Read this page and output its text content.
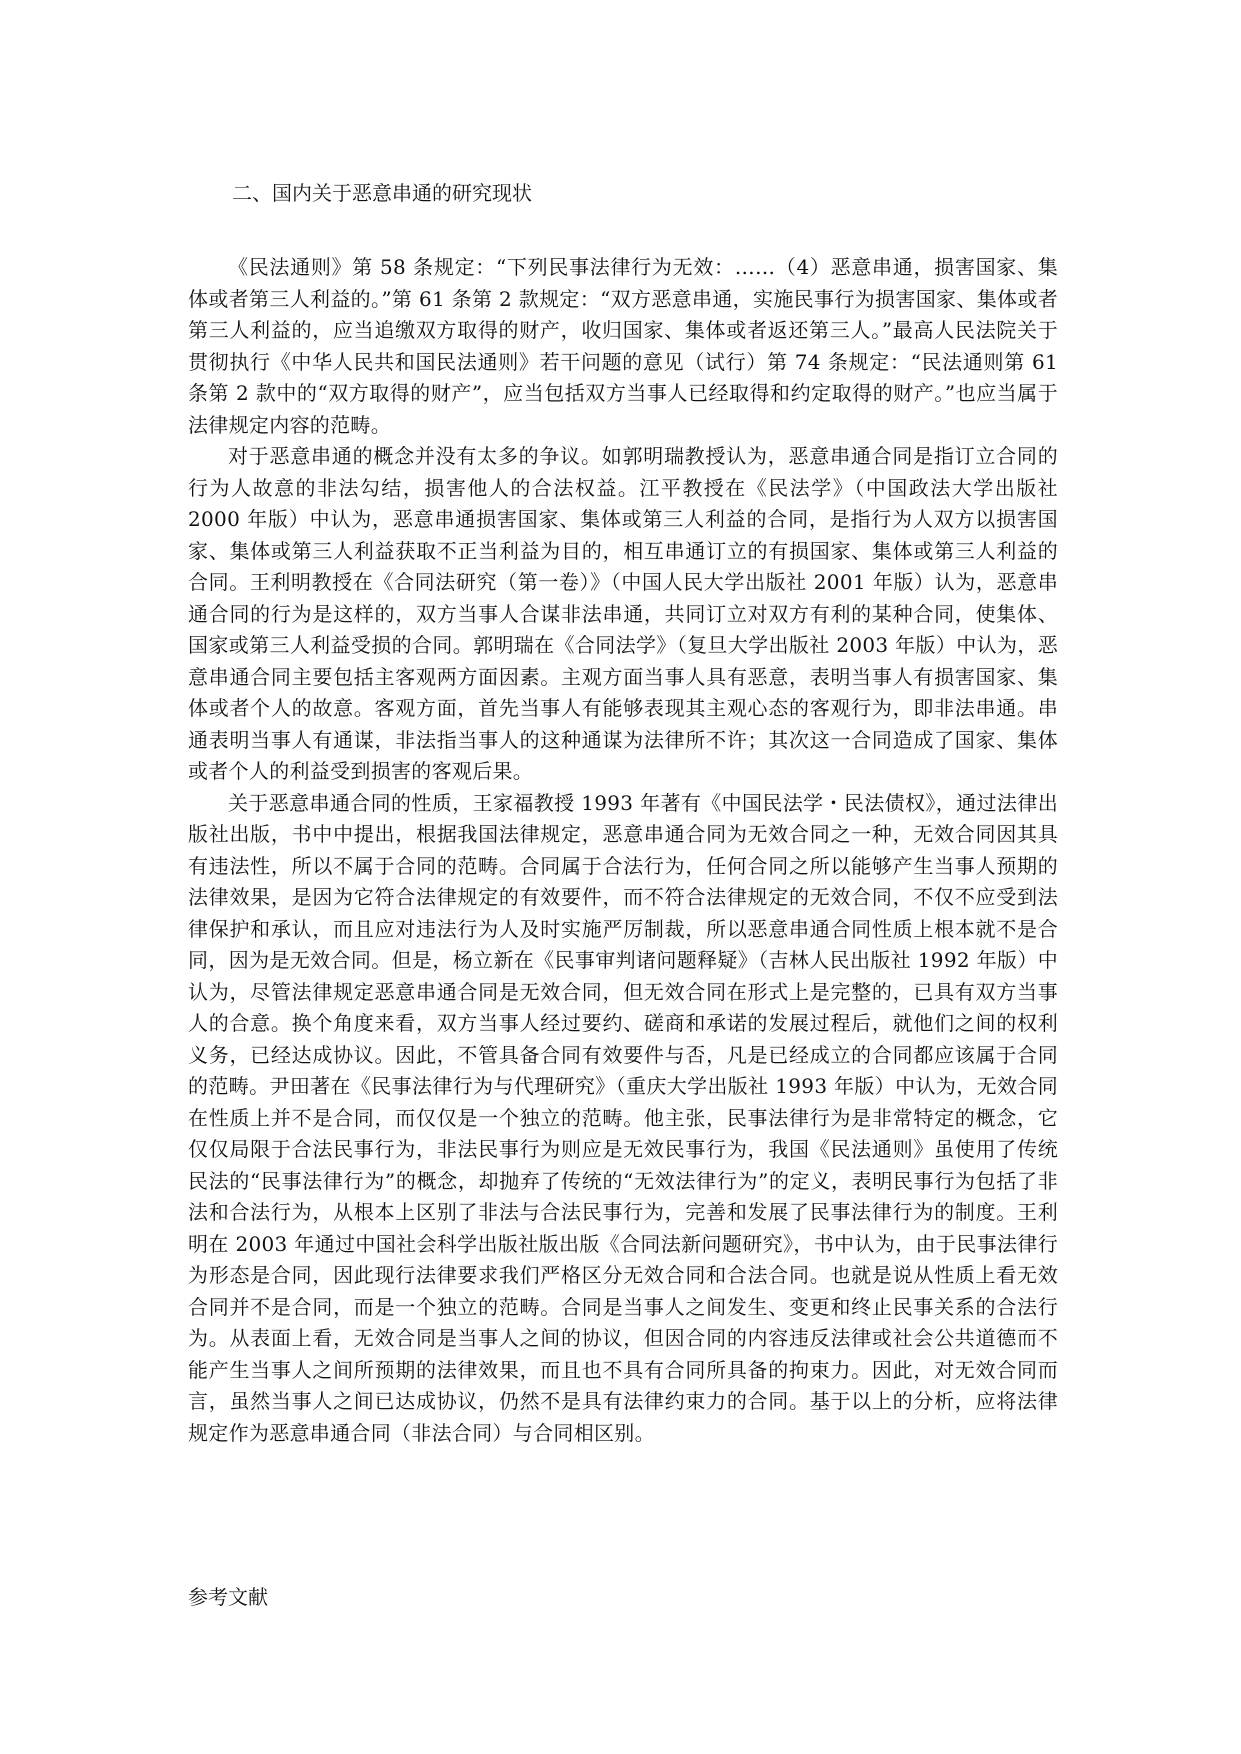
二、国内关于恶意串通的研究现状

《民法通则》第 58 条规定：“下列民事法律行为无效：……（4）恶意串通，损害国家、集体或者第三人利益的。”第 61 条第 2 款规定：“双方恶意串通，实施民事行为损害国家、集体或者第三人利益的，应当追缴双方取得的财产，收归国家、集体或者返还第三人。”最高人民法院关于贯彻执行《中华人民共和国民法通则》若干问题的意见（试行）第 74 条规定：“民法通则第 61 条第 2 款中的“双方取得的财产”，应当包括双方当事人已经取得和约定取得的财产。”也应当属于法律规定内容的范畴。

对于恶意串通的概念并没有太多的争议。如郭明瑞教授认为，恶意串通合同是指订立合同的行为人故意的非法勾结，损害他人的合法权益。江平教授在《民法学》（中国政法大学出版社 2000 年版）中认为，恶意串通损害国家、集体或第三人利益的合同，是指行为人双方以损害国家、集体或第三人利益获取不正当利益为目的，相互串通订立的有损国家、集体或第三人利益的合同。王利明教授在《合同法研究（第一卷）》（中国人民大学出版社 2001 年版）认为，恶意串通合同的行为是这样的，双方当事人合谋非法串通，共同订立对双方有利的某种合同，使集体、国家或第三人利益受损的合同。郭明瑞在《合同法学》（复旦大学出版社 2003 年版）中认为，恶意串通合同主要包括主客观两方面因素。主观方面当事人具有恶意，表明当事人有损害国家、集体或者个人的故意。客观方面，首先当事人有能够表现其主观心态的客观行为，即非法串通。串通表明当事人有通谋，非法指当事人的这种通谋为法律所不许；其次这一合同造成了国家、集体或者个人的利益受到损害的客观后果。

关于恶意串通合同的性质，王家福教授 1993 年著有《中国民法学・民法债权》，通过法律出版社出版，书中中提出，根据我国法律规定，恶意串通合同为无效合同之一种，无效合同因其具有违法性，所以不属于合同的范畴。合同属于合法行为，任何合同之所以能够产生当事人预期的法律效果，是因为它符合法律规定的有效要件，而不符合法律规定的无效合同，不仅不应受到法律保护和承认，而且应对违法行为人及时实施严厉制裁，所以恶意串通合同性质上根本就不是合同，因为是无效合同。但是，杨立新在《民事审判诸问题释疑》（吉林人民出版社 1992 年版）中认为，尽管法律规定恶意串通合同是无效合同，但无效合同在形式上是完整的，已具有双方当事人的合意。换个角度来看，双方当事人经过要约、磋商和承诺的发展过程后，就他们之间的权利义务，已经达成协议。因此，不管具备合同有效要件与否，凡是已经成立的合同都应该属于合同的范畴。尹田著在《民事法律行为与代理研究》（重庆大学出版社 1993 年版）中认为，无效合同在性质上并不是合同，而仅仅是一个独立的范畴。他主张，民事法律行为是非常特定的概念，它仅仅局限于合法民事行为，非法民事行为则应是无效民事行为，我国《民法通则》虽使用了传统民法的“民事法律行为”的概念，却抛弃了传统的“无效法律行为”的定义，表明民事行为包括了非法和合法行为，从根本上区别了非法与合法民事行为，完善和发展了民事法律行为的制度。王利明在 2003 年通过中国社会科学出版社版出版《合同法新问题研究》，书中认为，由于民事法律行为形态是合同，因此现行法律要求我们严格区分无效合同和合法合同。也就是说从性质上看无效合同并不是合同，而是一个独立的范畴。合同是当事人之间发生、变更和终止民事关系的合法行为。从表面上看，无效合同是当事人之间的协议，但因合同的内容违反法律或社会公共道德而不能产生当事人之间所预期的法律效果，而且也不具有合同所具备的拘束力。因此，对无效合同而言，虽然当事人之间已达成协议，仍然不是具有法律约束力的合同。基于以上的分析，应将法律规定作为恶意串通合同（非法合同）与合同相区别。

参考文献
